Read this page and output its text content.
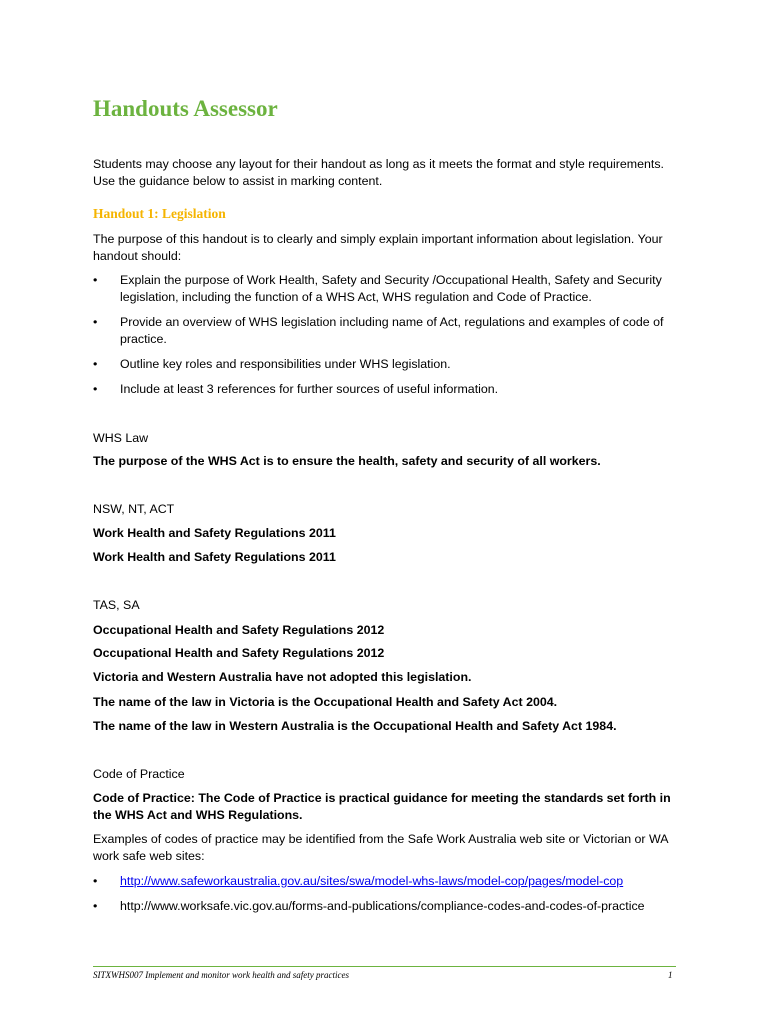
Handouts Assessor

Students may choose any layout for their handout as long as it meets the format and style requirements. Use the guidance below to assist in marking content.

Handout 1: Legislation

The purpose of this handout is to clearly and simply explain important information about legislation. Your handout should:

•	Explain the purpose of Work Health, Safety and Security /Occupational Health, Safety and Security legislation, including the function of a WHS Act, WHS regulation and Code of Practice.
•	Provide an overview of WHS legislation including name of Act, regulations and examples of code of practice.
•	Outline key roles and responsibilities under WHS legislation.
•	Include at least 3 references for further sources of useful information.

WHS Law

The purpose of the WHS Act is to ensure the health, safety and security of all workers.

NSW, NT, ACT

Work Health and Safety Regulations 2011

Work Health and Safety Regulations 2011

TAS, SA

Occupational Health and Safety Regulations 2012

Occupational Health and Safety Regulations 2012

Victoria and Western Australia have not adopted this legislation.

The name of the law in Victoria is the Occupational Health and Safety Act 2004.

The name of the law in Western Australia is the Occupational Health and Safety Act 1984.

Code of Practice

Code of Practice: The Code of Practice is practical guidance for meeting the standards set forth in the WHS Act and WHS Regulations.

Examples of codes of practice may be identified from the Safe Work Australia web site or Victorian or WA work safe web sites:

•	http://www.safeworkaustralia.gov.au/sites/swa/model-whs-laws/model-cop/pages/model-cop
•	http://www.worksafe.vic.gov.au/forms-and-publications/compliance-codes-and-codes-of-practice
SITXWHS007 Implement and monitor work health and safety practices	1
